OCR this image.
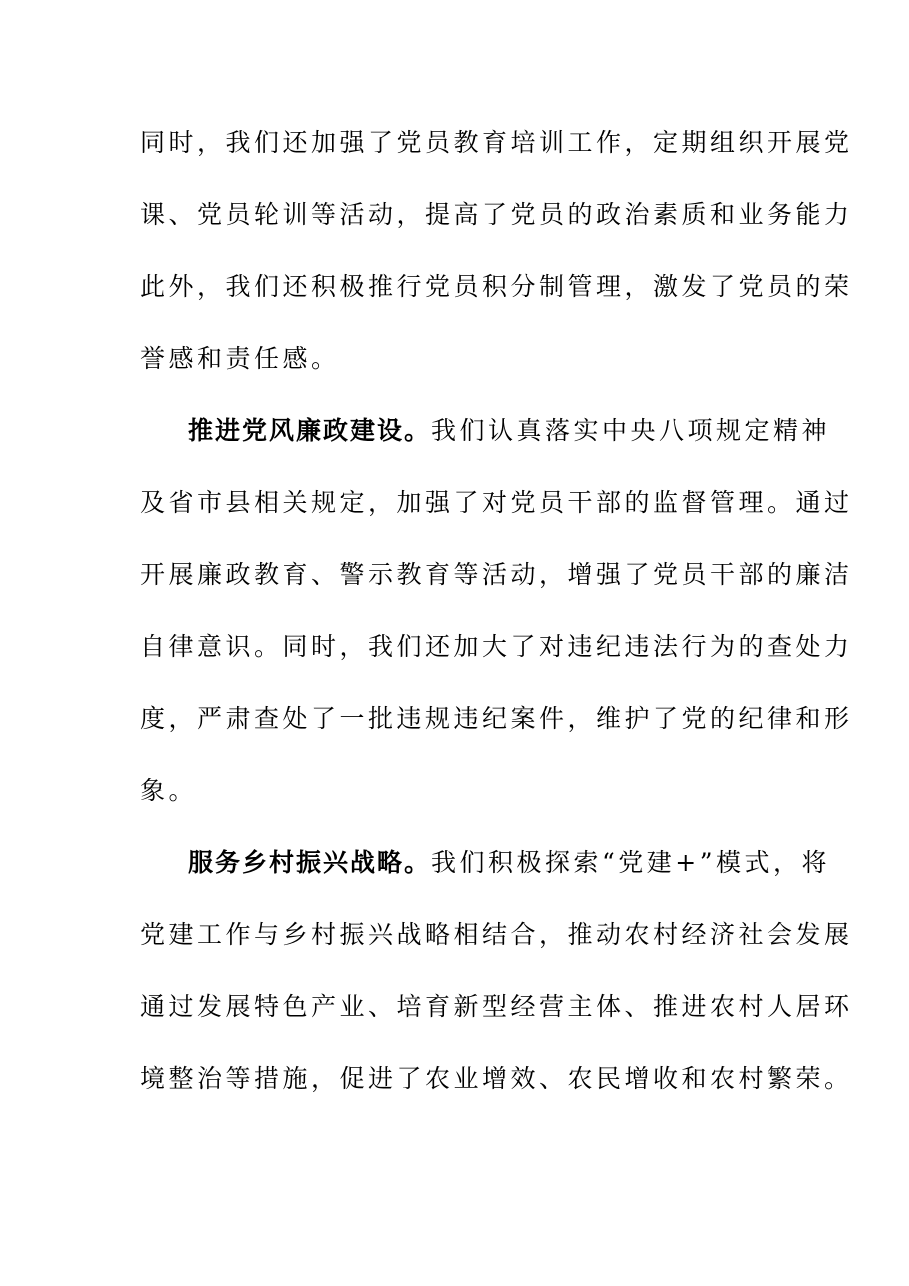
同时，我们还加强了党员教育培训工作，定期组织开展党
课、党员轮训等活动，提高了党员的政治素质和业务能力
此外，我们还积极推行党员积分制管理，激发了党员的荣
誉感和责任感。
推进党风廉政建设。我们认真落实中央八项规定精神
及省市县相关规定，加强了对党员干部的监督管理。通过
开展廉政教育、警示教育等活动，增强了党员干部的廉洁
自律意识。同时，我们还加大了对违纪违法行为的查处力
度，严肃查处了一批违规违纪案件，维护了党的纪律和形
象。
服务乡村振兴战略。我们积极探索“党建+”模式，将
党建工作与乡村振兴战略相结合，推动农村经济社会发展
通过发展特色产业、培育新型经营主体、推进农村人居环
境整治等措施，促进了农业增效、农民增收和农村繁荣。
